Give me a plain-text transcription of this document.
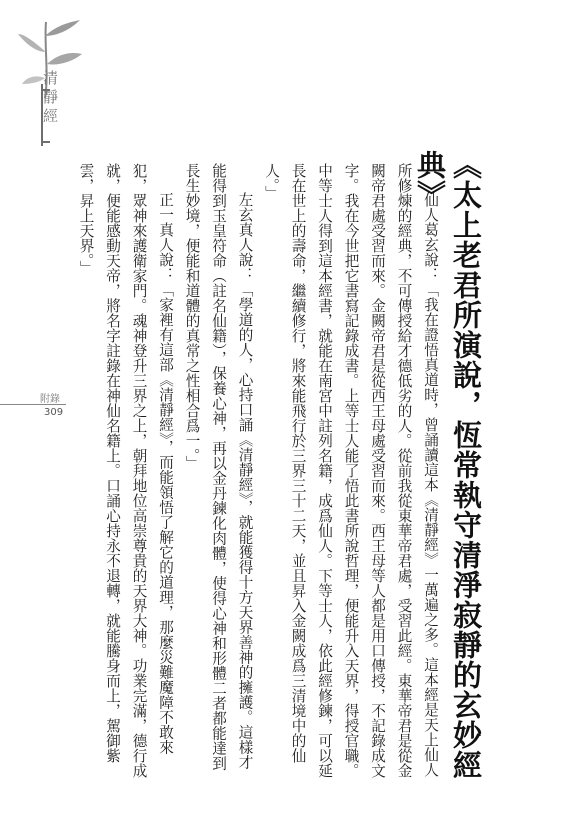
清靜經
附錄
309	《太上老君所演說，恆常執守清淨寂靜的玄妙經典》

仙人葛玄說：「我在證悟真道時，曾誦讀這本《清靜經》一萬遍之多。這本經是天上仙人所修煉的經典，不可傳授給才德低劣的人。從前我從東華帝君處，受習此經。東華帝君是從金闕帝君處受習而來。金闕帝君是從西王母處受習而來。西王母等人都是用口傳授，不記錄成文字。我在今世把它書寫記錄成書。上等士人能了悟此書所說哲理，便能升入天界，得授官職。中等士人得到這本經書，就能在南宮中註列名籍，成爲仙人。下等士人，依此經修鍊，可以延長在世上的壽命，繼續修行，將來能飛行於三界三十二天，並且昇入金闕成爲三清境中的仙人。」

左玄真人說：「學道的人，心持口誦《清靜經》，就能獲得十方天界善神的擁護。這樣才能得到玉皇符命（註名仙籍），保養心神，再以金丹鍊化肉體，使得心神和形體二者都能達到長生妙境，便能和道體的真常之性相合爲一。」

正一真人說：「家裡有這部《清靜經》，而能領悟了解它的道理，那麼災難魔障不敢來犯，眾神來護衛家門。魂神登升三界之上，朝拜地位高崇尊貴的天界大神。功業完滿，德行成就，便能感動天帝，將名字註錄在神仙名籍上。口誦心持永不退轉，就能騰身而上，駕御紫雲，昇上天界。」
